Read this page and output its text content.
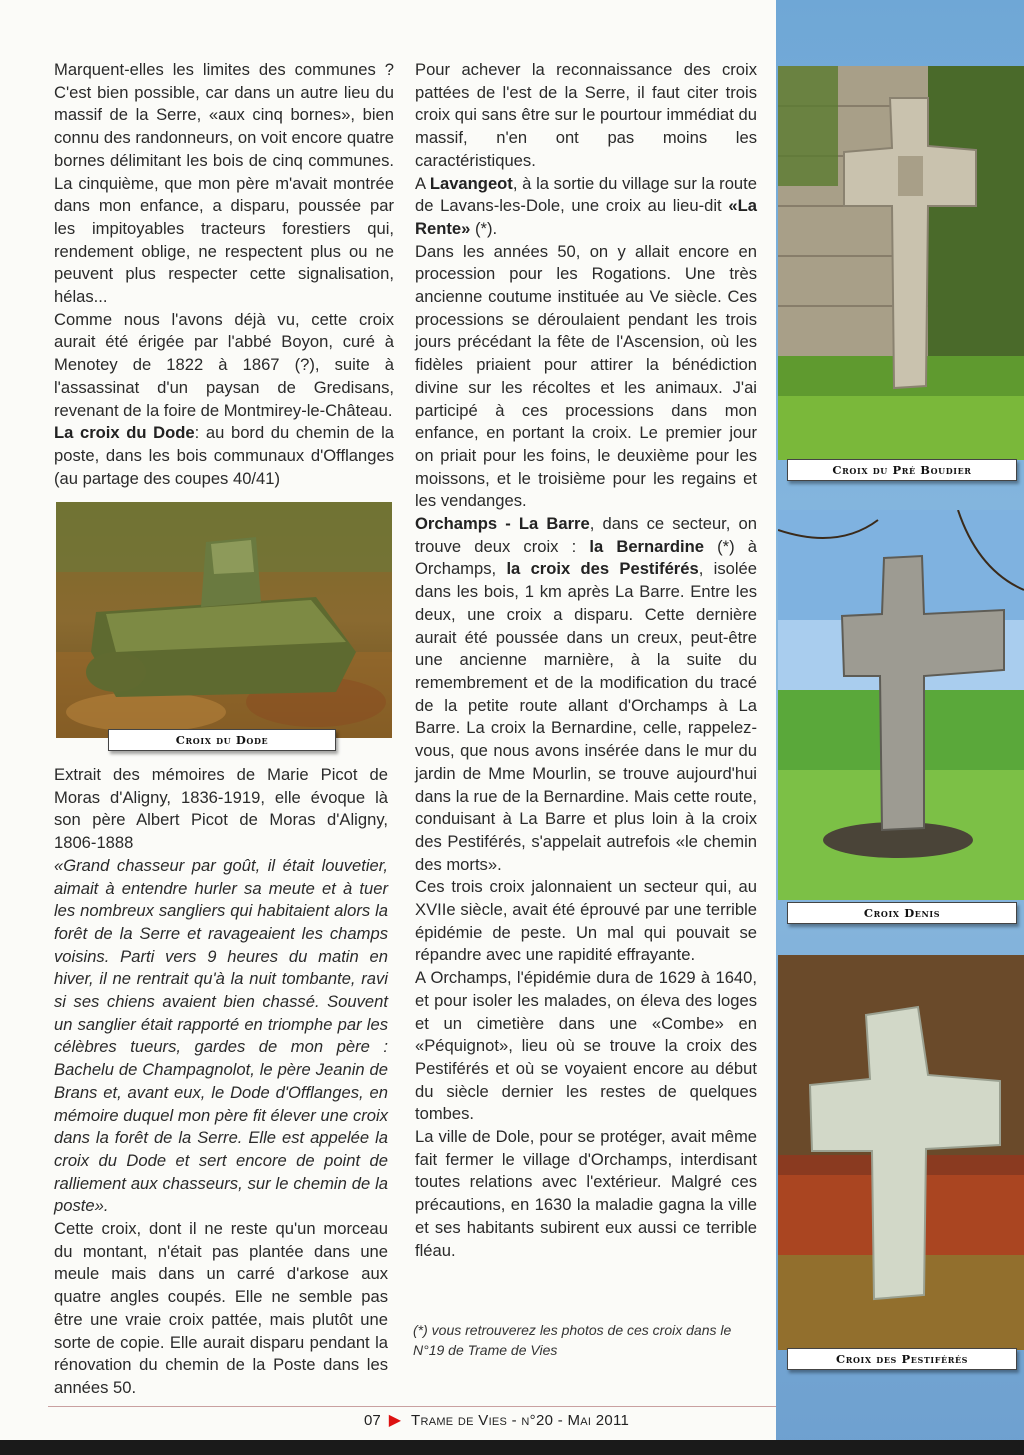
Marquent-elles les limites des communes ? C'est bien possible, car dans un autre lieu du massif de la Serre, «aux cinq bornes», bien connu des randonneurs, on voit encore quatre bornes délimitant les bois de cinq communes. La cinquième, que mon père m'avait montrée dans mon enfance, a disparu, poussée par les impitoyables tracteurs forestiers qui, rendement oblige, ne respectent plus ou ne peuvent plus respecter cette signalisation, hélas...

Comme nous l'avons déjà vu, cette croix aurait été érigée par l'abbé Boyon, curé à Menotey de 1822 à 1867 (?), suite à l'assassinat d'un paysan de Gredisans, revenant de la foire de Montmirey-le-Château.

La croix du Dode: au bord du chemin de la poste, dans les bois communaux d'Offlanges (au partage des coupes 40/41)

Croix du Dode

Extrait des mémoires de Marie Picot de Moras d'Aligny, 1836-1919, elle évoque là son père Albert Picot de Moras d'Aligny, 1806-1888

«Grand chasseur par goût, il était louvetier, aimait à entendre hurler sa meute et à tuer les nombreux sangliers qui habitaient alors la forêt de la Serre et ravageaient les champs voisins. Parti vers 9 heures du matin en hiver, il ne rentrait qu'à la nuit tombante, ravi si ses chiens avaient bien chassé. Souvent un sanglier était rapporté en triomphe par les célèbres tueurs, gardes de mon père : Bachelu de Champagnolot, le père Jeanin de Brans et, avant eux, le Dode d'Offlanges, en mémoire duquel mon père fit élever une croix dans la forêt de la Serre. Elle est appelée la croix du Dode et sert encore de point de ralliement aux chasseurs, sur le chemin de la poste».

Cette croix, dont il ne reste qu'un morceau du montant, n'était pas plantée dans une meule mais dans un carré d'arkose aux quatre angles coupés. Elle ne semble pas être une vraie croix pattée, mais plutôt une sorte de copie. Elle aurait disparu pendant la rénovation du chemin de la Poste dans les années 50.

Pour achever la reconnaissance des croix pattées de l'est de la Serre, il faut citer trois croix qui sans être sur le pourtour immédiat du massif, n'en ont pas moins les caractéristiques.

A Lavangeot, à la sortie du village sur la route de Lavans-les-Dole, une croix au lieu-dit «La Rente» (*).

Dans les années 50, on y allait encore en procession pour les Rogations. Une très ancienne coutume instituée au Ve siècle. Ces processions se déroulaient pendant les trois jours précédant la fête de l'Ascension, où les fidèles priaient pour attirer la bénédiction divine sur les récoltes et les animaux. J'ai participé à ces processions dans mon enfance, en portant la croix. Le premier jour on priait pour les foins, le deuxième pour les moissons, et le troisième pour les regains et les vendanges.

Orchamps - La Barre, dans ce secteur, on trouve deux croix : la Bernardine (*) à Orchamps, la croix des Pestiférés, isolée dans les bois, 1 km après La Barre. Entre les deux, une croix a disparu. Cette dernière aurait été poussée dans un creux, peut-être une ancienne marnière, à la suite du remembrement et de la modification du tracé de la petite route allant d'Orchamps à La Barre. La croix la Bernardine, celle, rappelez-vous, que nous avons insérée dans le mur du jardin de Mme Mourlin, se trouve aujourd'hui dans la rue de la Bernardine. Mais cette route, conduisant à La Barre et plus loin à la croix des Pestiférés, s'appelait autrefois «le chemin des morts».

Ces trois croix jalonnaient un secteur qui, au XVIIe siècle, avait été éprouvé par une terrible épidémie de peste. Un mal qui pouvait se répandre avec une rapidité effrayante.

A Orchamps, l'épidémie dura de 1629 à 1640, et pour isoler les malades, on éleva des loges et un cimetière dans une «Combe» en «Péquignot», lieu où se trouve la croix des Pestiférés et où se voyaient encore au début du siècle dernier les restes de quelques tombes.

La ville de Dole, pour se protéger, avait même fait fermer le village d'Orchamps, interdisant toutes relations avec l'extérieur. Malgré ces précautions, en 1630 la maladie gagna la ville et ses habitants subirent eux aussi ce terrible fléau.

(*) vous retrouverez les photos de ces croix dans le N°19 de Trame de Vies
Croix du Pré Boudier
Croix Denis
Croix des Pestiférés
07 ▶ Trame de Vies - n°20 - Mai 2011
